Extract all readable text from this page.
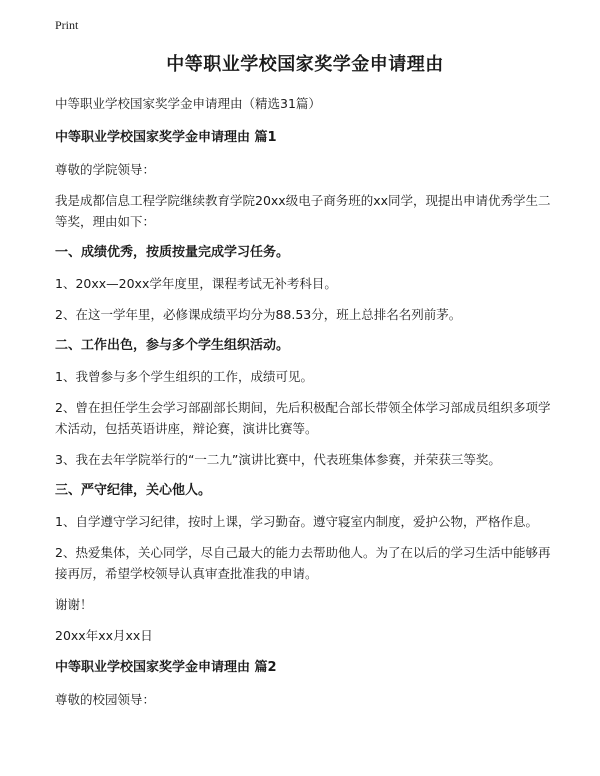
Print
中等职业学校国家奖学金申请理由
中等职业学校国家奖学金申请理由（精选31篇）
中等职业学校国家奖学金申请理由 篇1
尊敬的学院领导：
我是成都信息工程学院继续教育学院20xx级电子商务班的xx同学，现提出申请优秀学生二等奖，理由如下：
一、成绩优秀，按质按量完成学习任务。
1、20xx—20xx学年度里，课程考试无补考科目。
2、在这一学年里，必修课成绩平均分为88.53分，班上总排名名列前茅。
二、工作出色，参与多个学生组织活动。
1、我曾参与多个学生组织的工作，成绩可见。
2、曾在担任学生会学习部副部长期间，先后积极配合部长带领全体学习部成员组织多项学术活动，包括英语讲座，辩论赛，演讲比赛等。
3、我在去年学院举行的“一二九”演讲比赛中，代表班集体参赛，并荣获三等奖。
三、严守纪律，关心他人。
1、自学遵守学习纪律，按时上课，学习勤奋。遵守寝室内制度，爱护公物，严格作息。
2、热爱集体，关心同学，尽自己最大的能力去帮助他人。为了在以后的学习生活中能够再接再厉，希望学校领导认真审查批准我的申请。
谢谢！
20xx年xx月xx日
中等职业学校国家奖学金申请理由 篇2
尊敬的校园领导：
